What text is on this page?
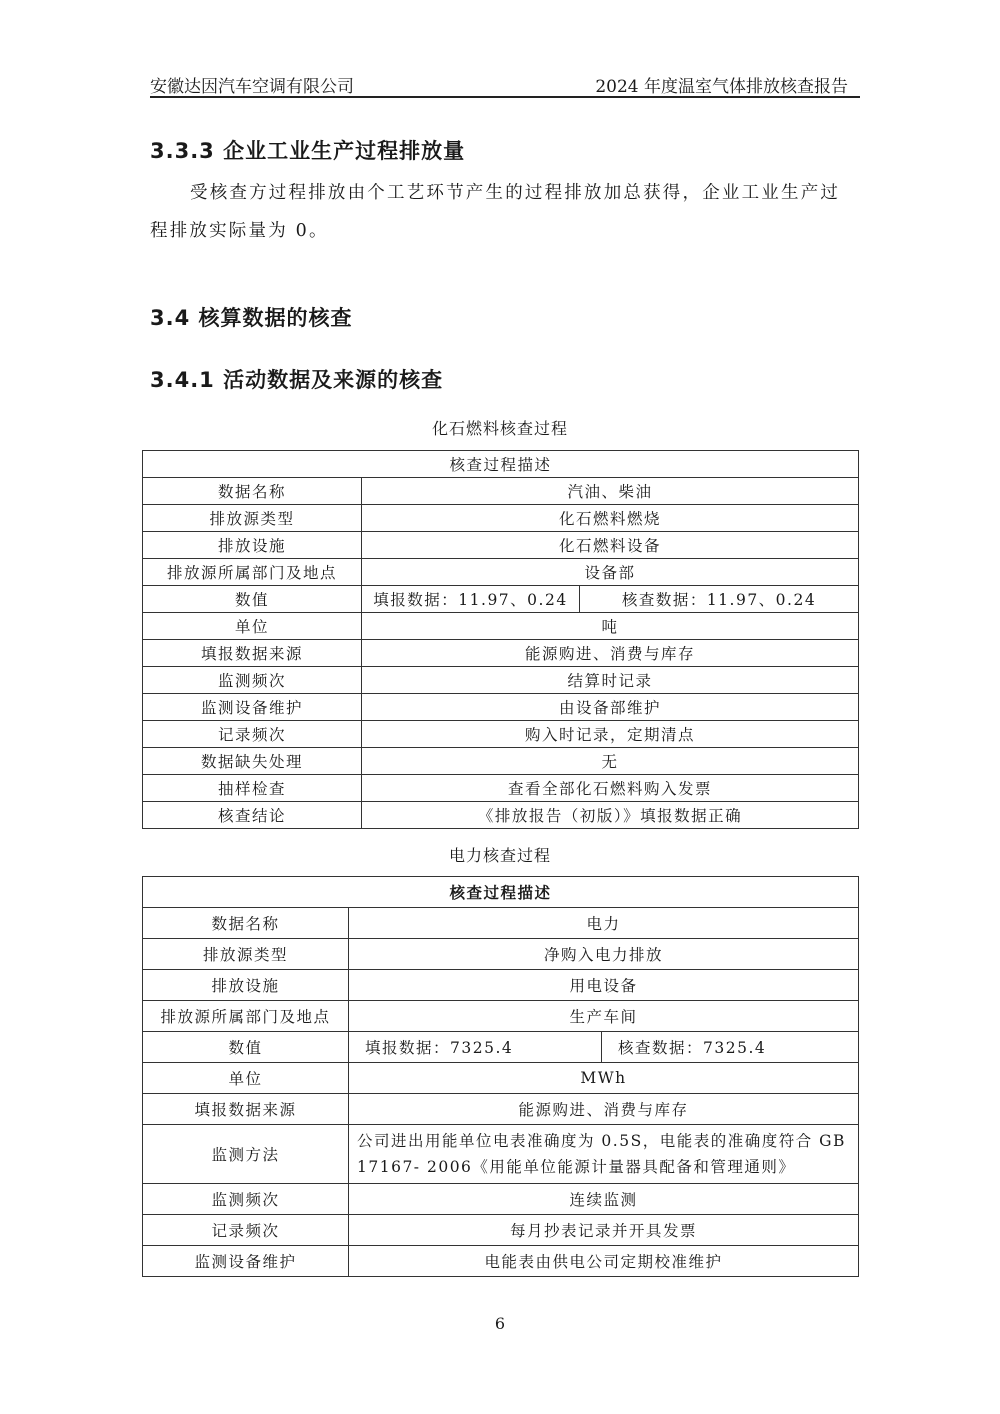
安徽达因汽车空调有限公司	2024 年度温室气体排放核查报告
3.3.3 企业工业生产过程排放量
受核查方过程排放由个工艺环节产生的过程排放加总获得，企业工业生产过程排放实际量为 0。
3.4 核算数据的核查
3.4.1 活动数据及来源的核查
化石燃料核查过程
核查过程描述		
数据名称	汽油、柴油	
排放源类型	化石燃料燃烧	
排放设施	化石燃料设备	
排放源所属部门及地点	设备部	
数值	填报数据：11.97、0.24	核查数据：11.97、0.24
单位	吨	
填报数据来源	能源购进、消费与库存	
监测频次	结算时记录	
监测设备维护	由设备部维护	
记录频次	购入时记录，定期清点	
数据缺失处理	无	
抽样检查	查看全部化石燃料购入发票	
核查结论	《排放报告（初版）》填报数据正确	
电力核查过程
核查过程描述		
数据名称	电力	
排放源类型	净购入电力排放	
排放设施	用电设备	
排放源所属部门及地点	生产车间	
数值	填报数据：7325.4	核查数据：7325.4
单位	MWh	
填报数据来源	能源购进、消费与库存	
监测方法	公司进出用能单位电表准确度为 0.5S，电能表的准确度符合 GB 17167- 2006《用能单位能源计量器具配备和管理通则》	
监测频次	连续监测	
记录频次	每月抄表记录并开具发票	
监测设备维护	电能表由供电公司定期校准维护	
6
